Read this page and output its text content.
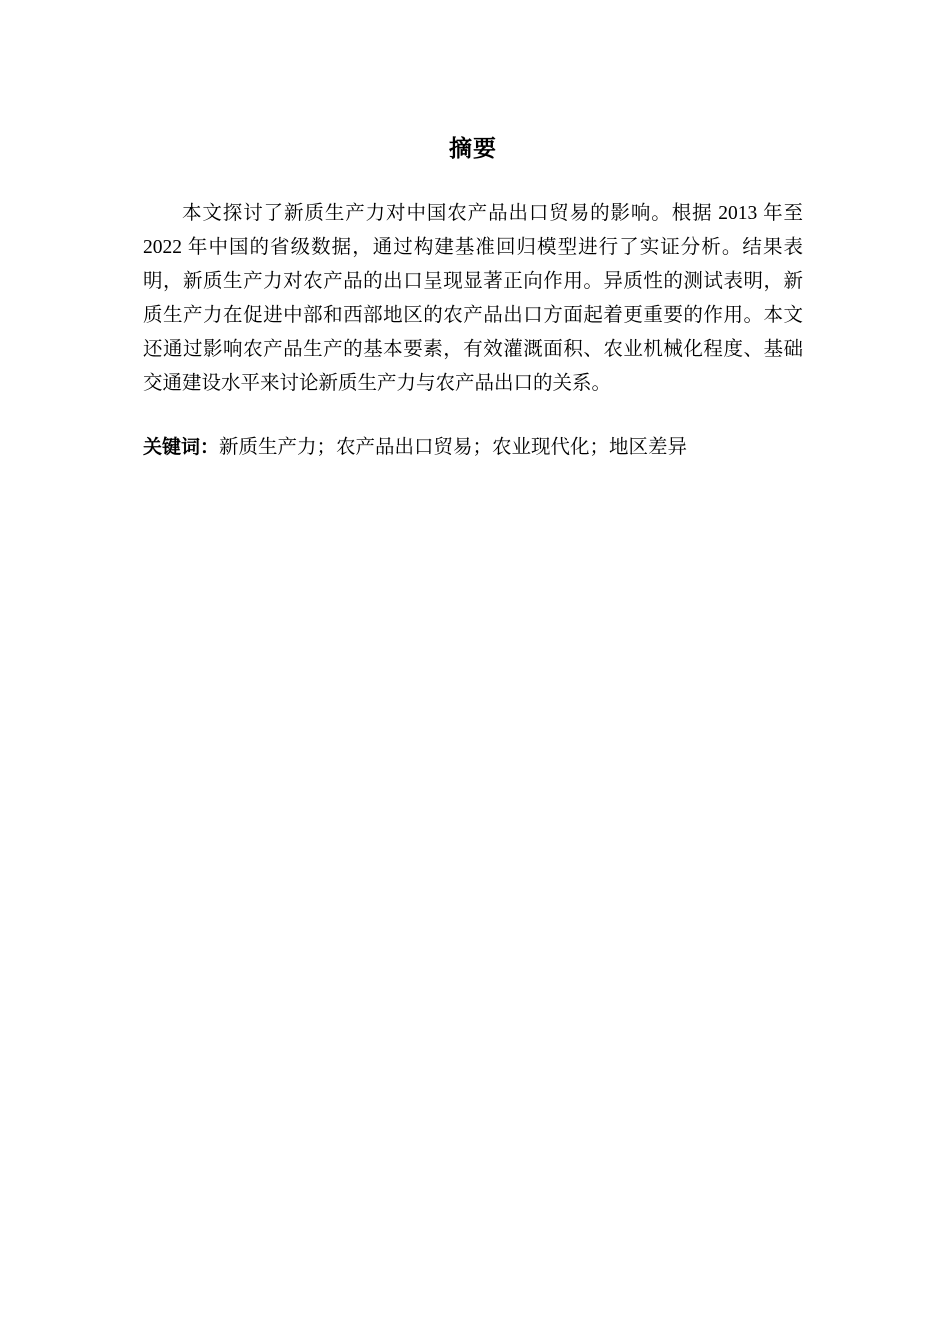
摘要

本文探讨了新质生产力对中国农产品出口贸易的影响。根据 2013 年至 2022 年中国的省级数据，通过构建基准回归模型进行了实证分析。结果表明，新质生产力对农产品的出口呈现显著正向作用。异质性的测试表明，新质生产力在促进中部和西部地区的农产品出口方面起着更重要的作用。本文还通过影响农产品生产的基本要素，有效灌溉面积、农业机械化程度、基础交通建设水平来讨论新质生产力与农产品出口的关系。

关键词：新质生产力；农产品出口贸易；农业现代化；地区差异
